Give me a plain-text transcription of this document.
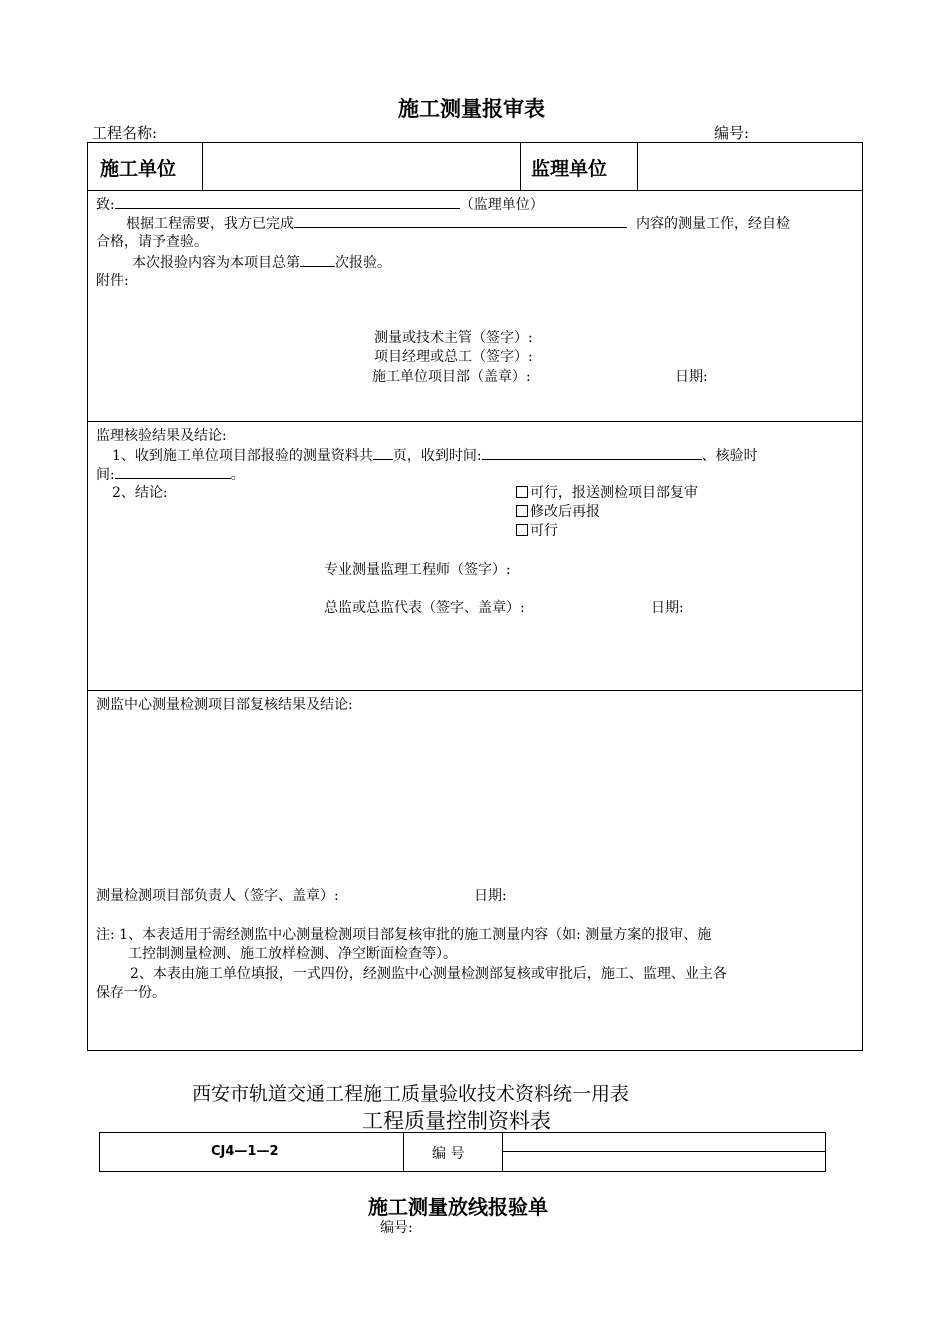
施工测量报审表
工程名称:	编号:
施工单位	监理单位
致:	（监理单位）
根据工程需要，我方已完成	内容的测量工作，经自检
合格，请予查验。
本次报验内容为本项目总第	次报验。
附件:
测量或技术主管（签字）:
项目经理或总工（签字）:
施工单位项目部（盖章）:	日期:
监理核验结果及结论:
1、收到施工单位项目部报验的测量资料共 页，收到时间:	、核验时
间:	。
2、结论:	可行，报送测检项目部复审
修改后再报
可行
专业测量监理工程师（签字）:
总监或总监代表（签字、盖章）:	日期:
测监中心测量检测项目部复核结果及结论:
测量检测项目部负责人（签字、盖章）:	日期:
注: 1、本表适用于需经测监中心测量检测项目部复核审批的施工测量内容（如: 测量方案的报审、施
工控制测量检测、施工放样检测、净空断面检查等）。
2、本表由施工单位填报，一式四份，经测监中心测量检测部复核或审批后，施工、监理、业主各
保存一份。
西安市轨道交通工程施工质量验收技术资料统一用表
工程质量控制资料表
CJ4—1—2	编 号
施工测量放线报验单
编号:
